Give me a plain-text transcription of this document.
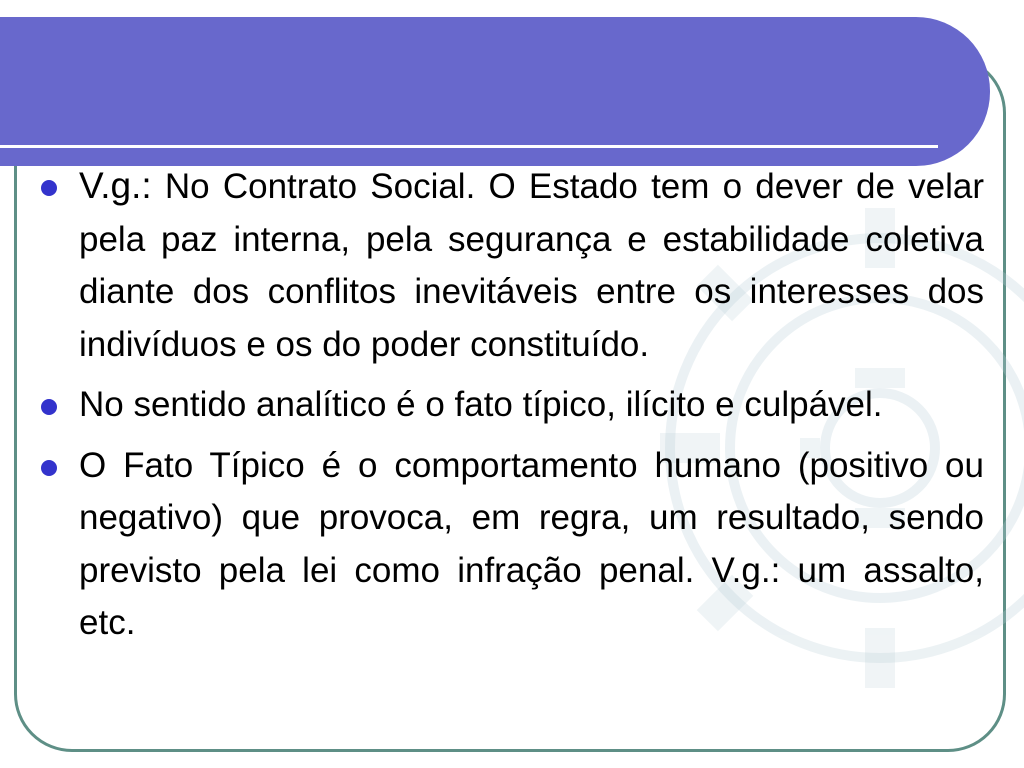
V.g.: No Contrato Social. O Estado tem o dever de velar pela paz interna, pela segurança e estabilidade coletiva diante dos conflitos inevitáveis entre os interesses dos indivíduos e os do poder constituído.
No sentido analítico é o fato típico, ilícito e culpável.
O Fato Típico é o comportamento humano (positivo ou negativo) que provoca, em regra, um resultado, sendo previsto pela lei como infração penal. V.g.: um assalto, etc.
